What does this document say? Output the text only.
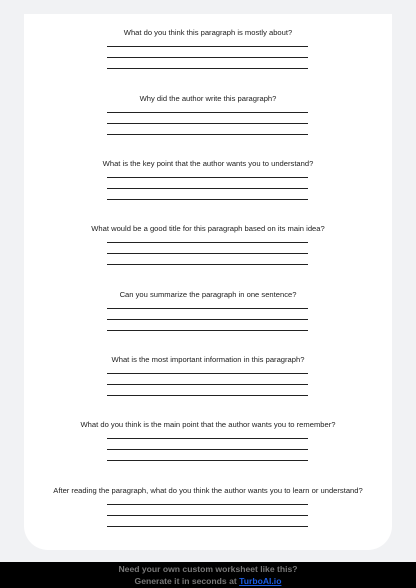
What do you think this paragraph is mostly about?
Why did the author write this paragraph?
What is the key point that the author wants you to understand?
What would be a good title for this paragraph based on its main idea?
Can you summarize the paragraph in one sentence?
What is the most important information in this paragraph?
What do you think is the main point that the author wants you to remember?
After reading the paragraph, what do you think the author wants you to learn or understand?
Need your own custom worksheet like this?
Generate it in seconds at TurboAI.io
